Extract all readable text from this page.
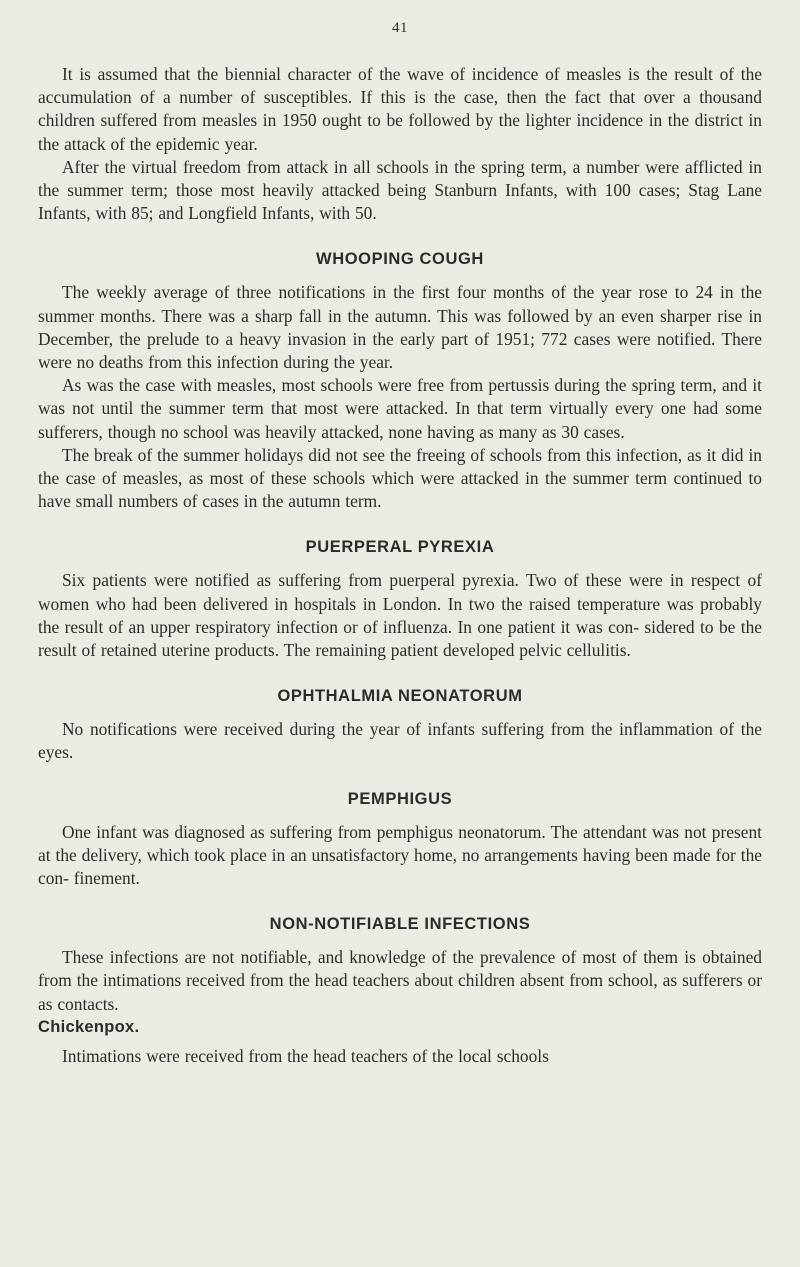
41

It is assumed that the biennial character of the wave of incidence of measles is the result of the accumulation of a number of susceptibles. If this is the case, then the fact that over a thousand children suffered from measles in 1950 ought to be followed by the lighter incidence in the district in the attack of the epidemic year.

After the virtual freedom from attack in all schools in the spring term, a number were afflicted in the summer term; those most heavily attacked being Stanburn Infants, with 100 cases; Stag Lane Infants, with 85; and Longfield Infants, with 50.

WHOOPING COUGH

The weekly average of three notifications in the first four months of the year rose to 24 in the summer months. There was a sharp fall in the autumn. This was followed by an even sharper rise in December, the prelude to a heavy invasion in the early part of 1951; 772 cases were notified. There were no deaths from this infection during the year.

As was the case with measles, most schools were free from pertussis during the spring term, and it was not until the summer term that most were attacked. In that term virtually every one had some sufferers, though no school was heavily attacked, none having as many as 30 cases.

The break of the summer holidays did not see the freeing of schools from this infection, as it did in the case of measles, as most of these schools which were attacked in the summer term continued to have small numbers of cases in the autumn term.

PUERPERAL PYREXIA

Six patients were notified as suffering from puerperal pyrexia. Two of these were in respect of women who had been delivered in hospitals in London. In two the raised temperature was probably the result of an upper respiratory infection or of influenza. In one patient it was con- sidered to be the result of retained uterine products. The remaining patient developed pelvic cellulitis.

OPHTHALMIA NEONATORUM

No notifications were received during the year of infants suffering from the inflammation of the eyes.

PEMPHIGUS

One infant was diagnosed as suffering from pemphigus neonatorum. The attendant was not present at the delivery, which took place in an unsatisfactory home, no arrangements having been made for the con- finement.

NON-NOTIFIABLE INFECTIONS

These infections are not notifiable, and knowledge of the prevalence of most of them is obtained from the intimations received from the head teachers about children absent from school, as sufferers or as contacts.

Chickenpox.

Intimations were received from the head teachers of the local schools
